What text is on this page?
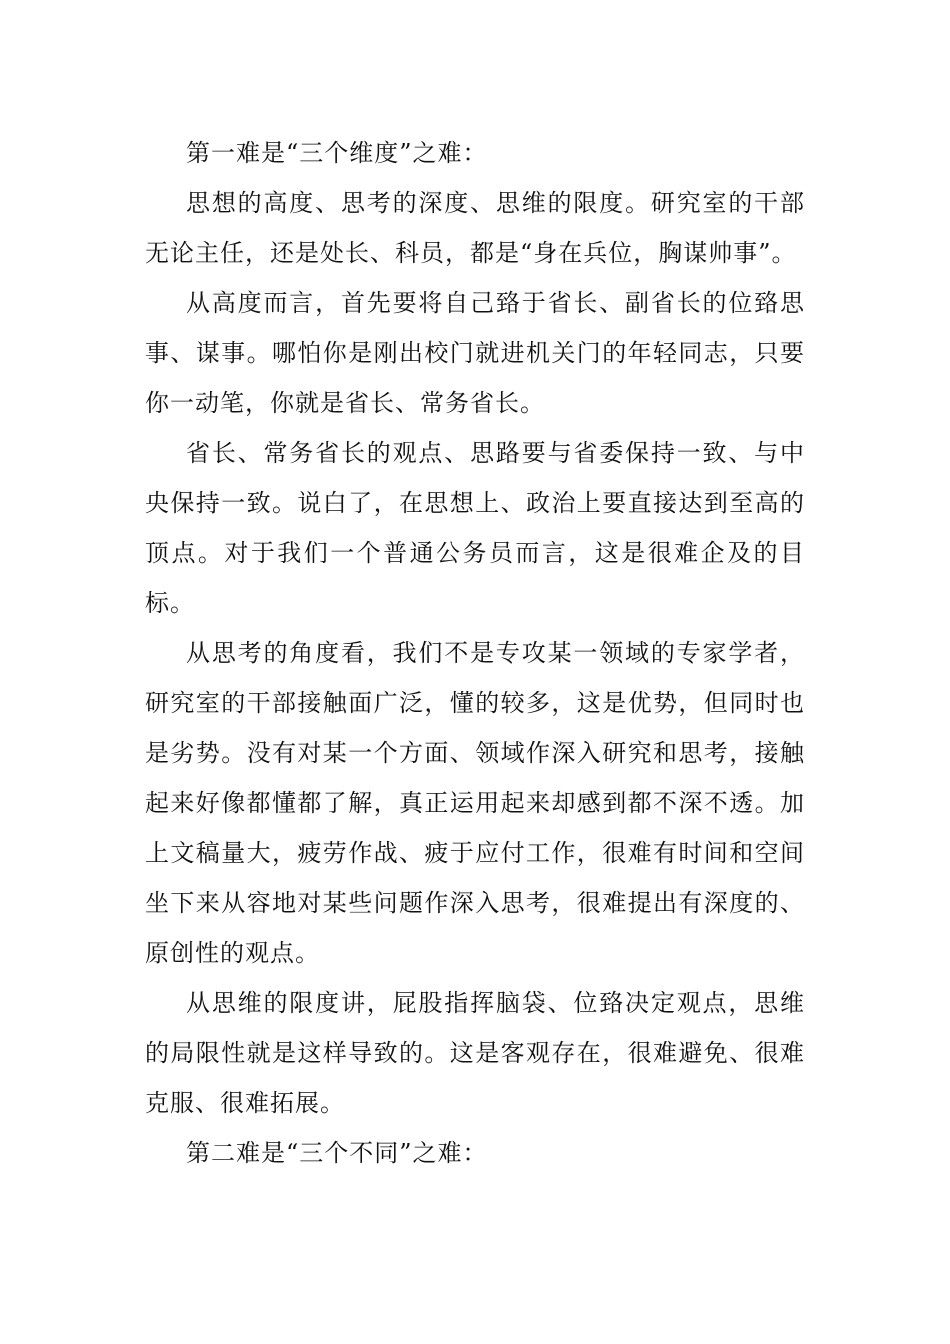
第一难是“三个维度”之难：

思想的高度、思考的深度、思维的限度。研究室的干部无论主任，还是处长、科员，都是“身在兵位，胸谋帅事”。

从高度而言，首先要将自己臵于省长、副省长的位臵思事、谋事。哪怕你是刚出校门就进机关门的年轻同志，只要你一动笔，你就是省长、常务省长。

省长、常务省长的观点、思路要与省委保持一致、与中央保持一致。说白了，在思想上、政治上要直接达到至高的顶点。对于我们一个普通公务员而言，这是很难企及的目标。

从思考的角度看，我们不是专攻某一领域的专家学者，研究室的干部接触面广泛，懂的较多，这是优势，但同时也是劣势。没有对某一个方面、领域作深入研究和思考，接触起来好像都懂都了解，真正运用起来却感到都不深不透。加上文稿量大，疲劳作战、疲于应付工作，很难有时间和空间坐下来从容地对某些问题作深入思考，很难提出有深度的、原创性的观点。

从思维的限度讲，屁股指挥脑袋、位臵决定观点，思维的局限性就是这样导致的。这是客观存在，很难避免、很难克服、很难拓展。

第二难是“三个不同”之难：
